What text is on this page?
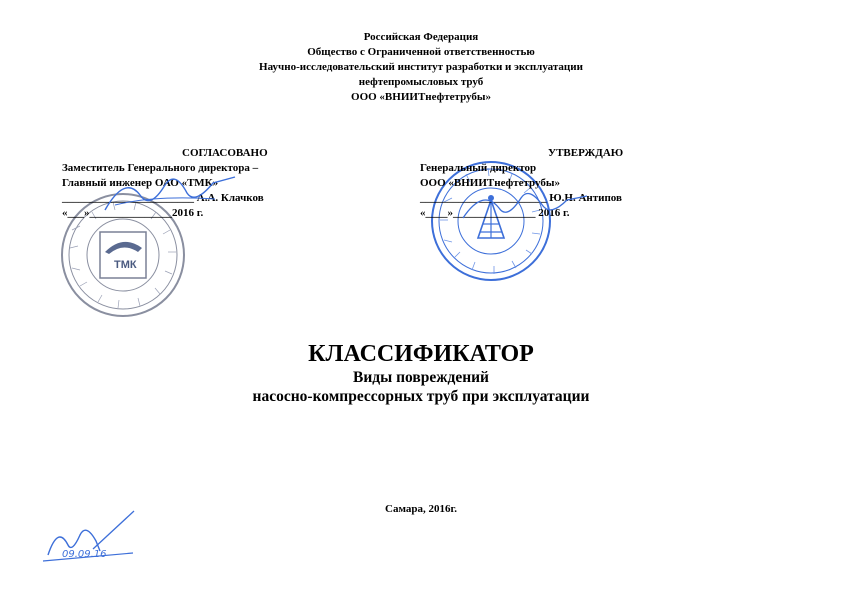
Российская Федерация
Общество с Ограниченной ответственностью
Научно-исследовательский институт разработки и эксплуатации
нефтепромысловых труб
ООО «ВНИИТнефтетрубы»
ТМК
СОГЛАСОВАНО
Заместитель Генерального директора –
Главный инженер ОАО «ТМК»
________________________ А.А. Клачков
«___»_______________2016 г.
УТВЕРЖДАЮ
Генеральный директор
ООО «ВНИИТнефтетрубы»
_______________________ Ю.Н. Антипов
«____»_______________ 2016 г.
КЛАССИФИКАТОР
Виды повреждений
насосно-компрессорных труб при эксплуатации
Самара, 2016г.
09.09.16
